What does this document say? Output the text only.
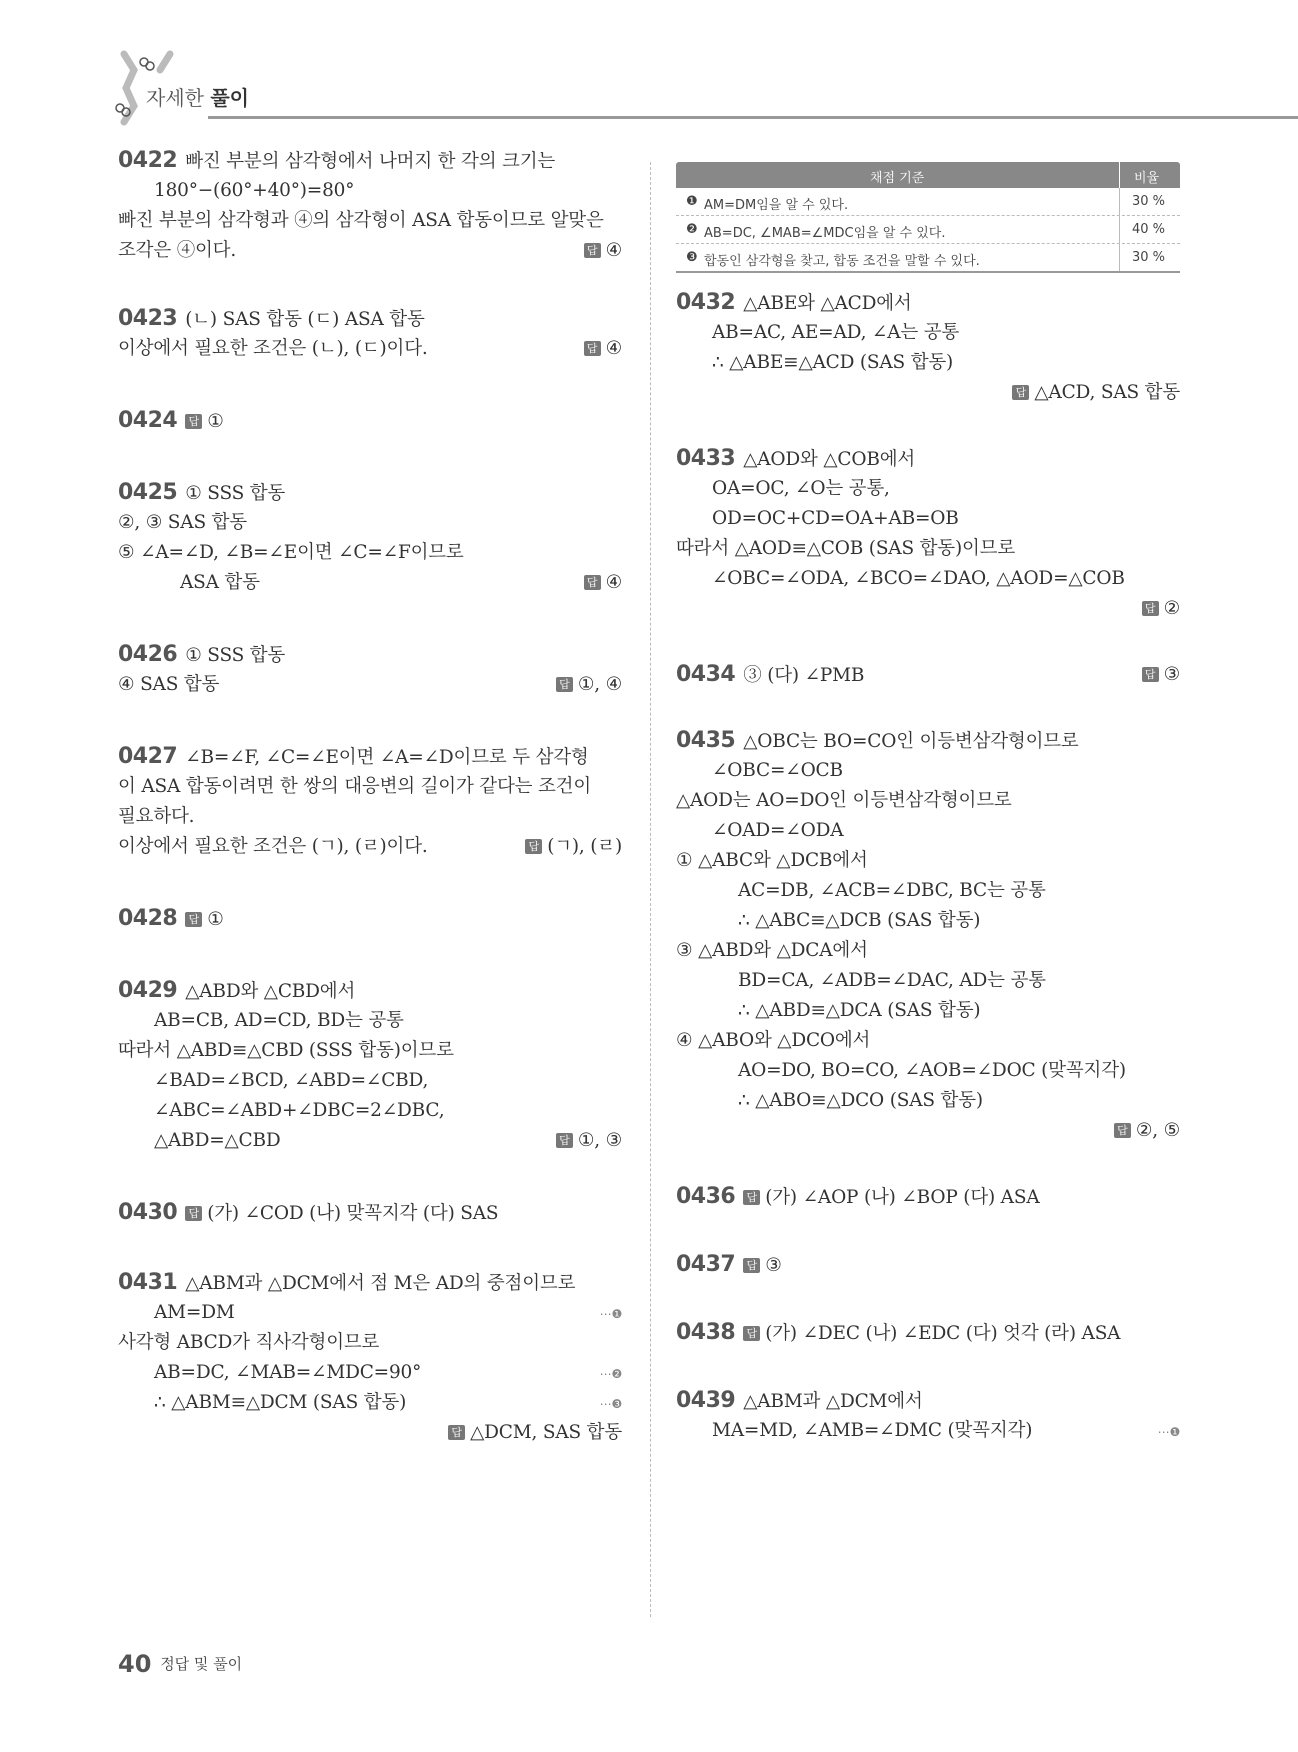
자세한 풀이
채점 기준	비율
❶ AM=DM임을 알 수 있다.	30 %
❷ AB=DC, ∠MAB=∠MDC임을 알 수 있다.	40 %
❸ 합동인 삼각형을 찾고, 합동 조건을 말할 수 있다.	30 %
0422 빠진 부분의 삼각형에서 나머지 한 각의 크기는
180°−(60°+40°)=80°
빠진 부분의 삼각형과 ④의 삼각형이 ASA 합동이므로 알맞은
조각은 ④이다.	답 ④
0423 (ㄴ) SAS 합동 (ㄷ) ASA 합동
이상에서 필요한 조건은 (ㄴ), (ㄷ)이다.	답 ④
0424 답 ①
0425 ① SSS 합동
②, ③ SAS 합동
⑤ ∠A=∠D, ∠B=∠E이면 ∠C=∠F이므로
ASA 합동	답 ④
0426 ① SSS 합동
④ SAS 합동	답 ①, ④
0427 ∠B=∠F, ∠C=∠E이면 ∠A=∠D이므로 두 삼각형
이 ASA 합동이려면 한 쌍의 대응변의 길이가 같다는 조건이
필요하다.
이상에서 필요한 조건은 (ㄱ), (ㄹ)이다.	답 (ㄱ), (ㄹ)
0428 답 ①
0429 △ABD와 △CBD에서
AB=CB, AD=CD, BD는 공통
따라서 △ABD≡△CBD (SSS 합동)이므로
∠BAD=∠BCD, ∠ABD=∠CBD,
∠ABC=∠ABD+∠DBC=2∠DBC,
△ABD=△CBD	답 ①, ③
0430 답 (가) ∠COD (나) 맞꼭지각 (다) SAS
0431 △ABM과 △DCM에서 점 M은 AD의 중점이므로
AM=DM	⋯❶
사각형 ABCD가 직사각형이므로
AB=DC, ∠MAB=∠MDC=90°	⋯❷
∴ △ABM≡△DCM (SAS 합동)	⋯❸
답 △DCM, SAS 합동
0432 △ABE와 △ACD에서
AB=AC, AE=AD, ∠A는 공통
∴ △ABE≡△ACD (SAS 합동)
답 △ACD, SAS 합동
0433 △AOD와 △COB에서
OA=OC, ∠O는 공통,
OD=OC+CD=OA+AB=OB
따라서 △AOD≡△COB (SAS 합동)이므로
∠OBC=∠ODA, ∠BCO=∠DAO, △AOD=△COB
답 ②
0434 ③ (다) ∠PMB	답 ③
0435 △OBC는 BO=CO인 이등변삼각형이므로
∠OBC=∠OCB
△AOD는 AO=DO인 이등변삼각형이므로
∠OAD=∠ODA
① △ABC와 △DCB에서
AC=DB, ∠ACB=∠DBC, BC는 공통
∴ △ABC≡△DCB (SAS 합동)
③ △ABD와 △DCA에서
BD=CA, ∠ADB=∠DAC, AD는 공통
∴ △ABD≡△DCA (SAS 합동)
④ △ABO와 △DCO에서
AO=DO, BO=CO, ∠AOB=∠DOC (맞꼭지각)
∴ △ABO≡△DCO (SAS 합동)
답 ②, ⑤
0436 답 (가) ∠AOP (나) ∠BOP (다) ASA
0437 답 ③
0438 답 (가) ∠DEC (나) ∠EDC (다) 엇각 (라) ASA
0439 △ABM과 △DCM에서
MA=MD, ∠AMB=∠DMC (맞꼭지각)	⋯❶
40 정답 및 풀이
